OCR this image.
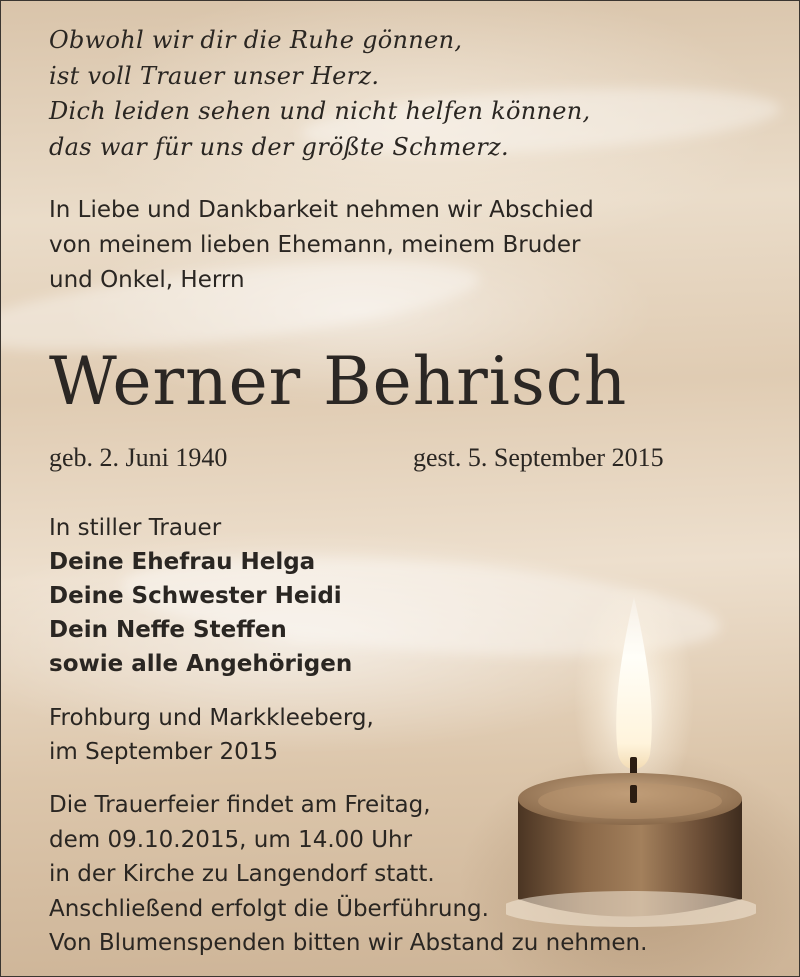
Obwohl wir dir die Ruhe gönnen,
ist voll Trauer unser Herz.
Dich leiden sehen und nicht helfen können,
das war für uns der größte Schmerz.
In Liebe und Dankbarkeit nehmen wir Abschied
von meinem lieben Ehemann, meinem Bruder
und Onkel, Herrn
Werner Behrisch
geb. 2. Juni 1940	gest. 5. September 2015
In stiller Trauer
Deine Ehefrau Helga
Deine Schwester Heidi
Dein Neffe Steffen
sowie alle Angehörigen
Frohburg und Markkleeberg,
im September 2015
Die Trauerfeier findet am Freitag,
dem 09.10.2015, um 14.00 Uhr
in der Kirche zu Langendorf statt.
Anschließend erfolgt die Überführung.
Von Blumenspenden bitten wir Abstand zu nehmen.
